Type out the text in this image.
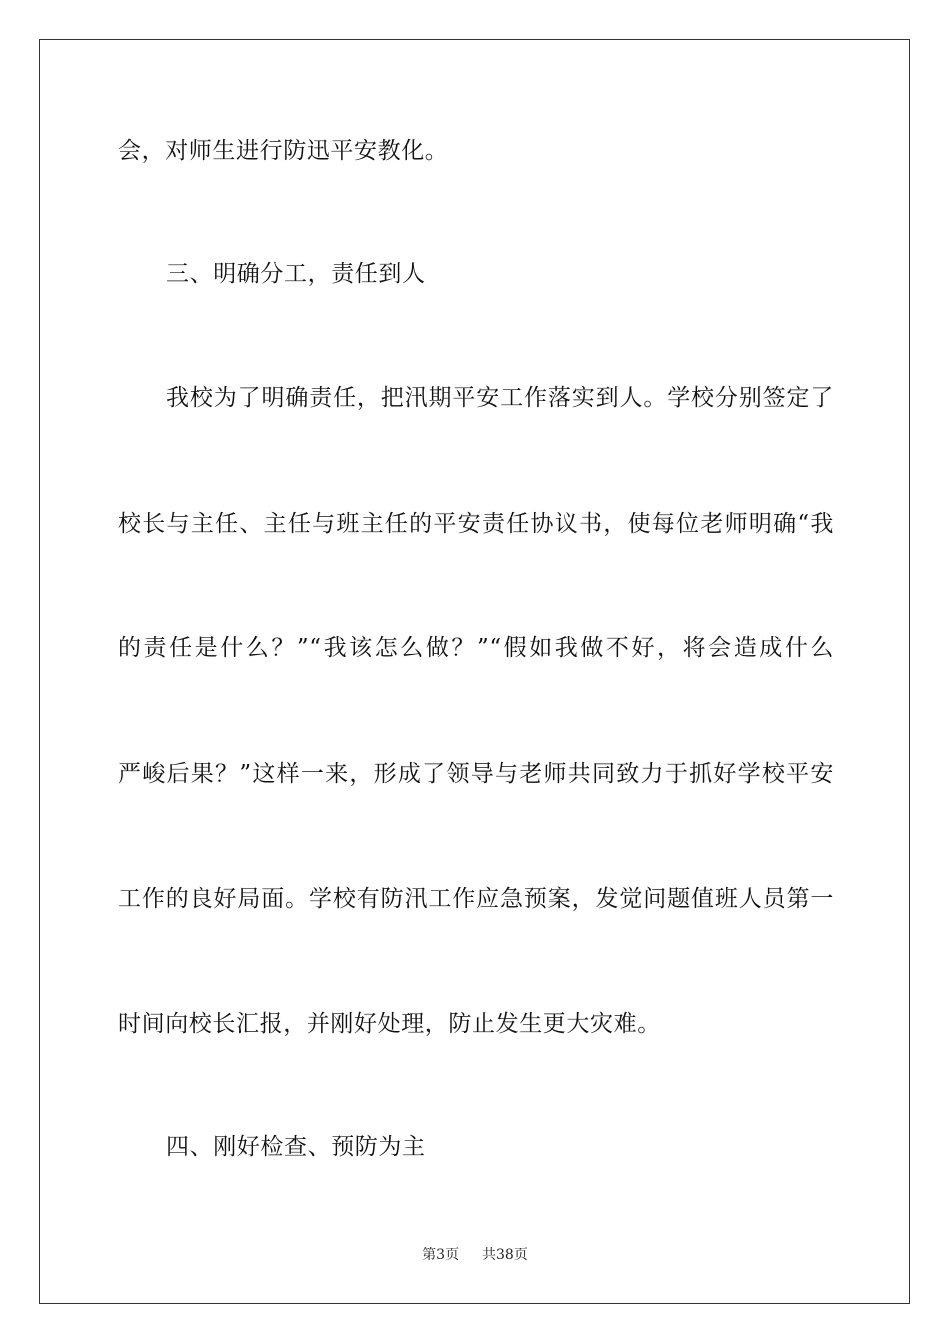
会，对师生进行防迅平安教化。
三、明确分工，责任到人
我校为了明确责任，把汛期平安工作落实到人。学校分别签定了
校长与主任、主任与班主任的平安责任协议书，使每位老师明确“我
的责任是什么？”“我该怎么做？”“假如我做不好，将会造成什么
严峻后果？”这样一来，形成了领导与老师共同致力于抓好学校平安
工作的良好局面。学校有防汛工作应急预案，发觉问题值班人员第一
时间向校长汇报，并刚好处理，防止发生更大灾难。
四、刚好检查、预防为主
第3页 共38页
